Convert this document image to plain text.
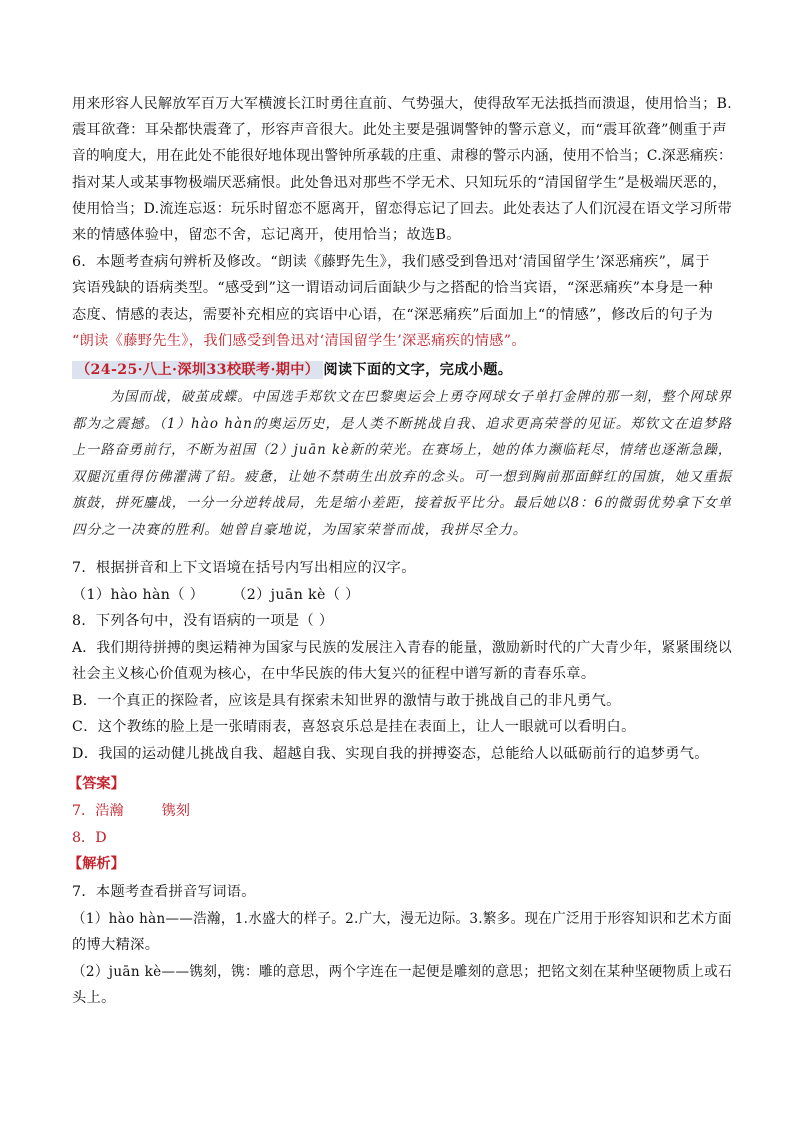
用来形容人民解放军百万大军横渡长江时勇往直前、气势强大，使得敌军无法抵挡而溃退，使用恰当；B.
震耳欲聋：耳朵都快震聋了，形容声音很大。此处主要是强调警钟的警示意义，而“震耳欲聋”侧重于声
音的响度大，用在此处不能很好地体现出警钟所承载的庄重、肃穆的警示内涵，使用不恰当；C.深恶痛疾：
指对某人或某事物极端厌恶痛恨。此处鲁迅对那些不学无术、只知玩乐的“清国留学生”是极端厌恶的，
使用恰当；D.流连忘返：玩乐时留恋不愿离开，留恋得忘记了回去。此处表达了人们沉浸在语文学习所带
来的情感体验中，留恋不舍，忘记离开，使用恰当；故选B。
6．本题考查病句辨析及修改。“朗读《藤野先生》，我们感受到鲁迅对‘清国留学生’深恶痛疾”，属于
宾语残缺的语病类型。“感受到”这一谓语动词后面缺少与之搭配的恰当宾语，“深恶痛疾”本身是一种
态度、情感的表达，需要补充相应的宾语中心语，在“深恶痛疾”后面加上“的情感”，修改后的句子为
“朗读《藤野先生》，我们感受到鲁迅对‘清国留学生’深恶痛疾的情感”。
（24-25·八上·深圳33校联考·期中） 阅读下面的文字，完成小题。
为国而战，破茧成蝶。中国选手郑钦文在巴黎奥运会上勇夺网球女子单打金牌的那一刻，整个网球界
都为之震撼。（1）hào hàn的奥运历史，是人类不断挑战自我、追求更高荣誉的见证。郑钦文在追梦路
上一路奋勇前行，不断为祖国（2）juān kè新的荣光。在赛场上，她的体力濒临耗尽，情绪也逐渐急躁，
双腿沉重得仿佛灌满了铅。疲惫，让她不禁萌生出放弃的念头。可一想到胸前那面鲜红的国旗，她又重振
旗鼓，拼死鏖战，一分一分逆转战局，先是缩小差距，接着扳平比分。最后她以8：6的微弱优势拿下女单
四分之一决赛的胜利。她曾自豪地说，为国家荣誉而战，我拼尽全力。
7．根据拼音和上下文语境在括号内写出相应的汉字。
（1）hào hàn（ ） （2）juān kè（ ）
8．下列各句中，没有语病的一项是（ ）
A．我们期待拼搏的奥运精神为国家与民族的发展注入青春的能量，激励新时代的广大青少年，紧紧围绕以
社会主义核心价值观为核心，在中华民族的伟大复兴的征程中谱写新的青春乐章。
B．一个真正的探险者，应该是具有探索未知世界的激情与敢于挑战自己的非凡勇气。
C．这个教练的脸上是一张晴雨表，喜怒哀乐总是挂在表面上，让人一眼就可以看明白。
D．我国的运动健儿挑战自我、超越自我、实现自我的拼搏姿态，总能给人以砥砺前行的追梦勇气。
【答案】
7．浩瀚	镌刻
8．D
【解析】
7．本题考查看拼音写词语。
（1）hào hàn——浩瀚，1.水盛大的样子。2.广大，漫无边际。3.繁多。现在广泛用于形容知识和艺术方面
的博大精深。
（2）juān kè——镌刻，镌：雕的意思，两个字连在一起便是雕刻的意思；把铭文刻在某种坚硬物质上或石
头上。
